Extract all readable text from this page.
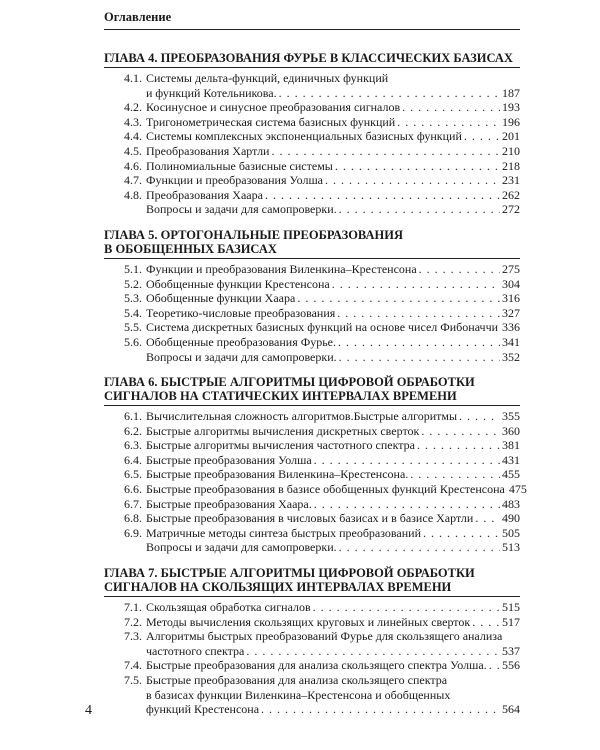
Оглавление
ГЛАВА 4. ПРЕОБРАЗОВАНИЯ ФУРЬЕ В КЛАССИЧЕСКИХ БАЗИСАХ
4.1. Системы дельта-функций, единичных функций
и функций Котельникова. . . .	187
4.2. Косинусное и синусное преобразования сигналов . . .	193
4.3. Тригонометрическая система базисных функций . . .	196
4.4. Системы комплексных экспоненциальных базисных функций . . .	201
4.5. Преобразования Хартли . . .	210
4.6. Полиномиальные базисные системы . . .	218
4.7. Функции и преобразования Уолша . . .	231
4.8. Преобразования Хаара . . .	262
Вопросы и задачи для самопроверки. . . .	272
ГЛАВА 5. ОРТОГОНАЛЬНЫЕ ПРЕОБРАЗОВАНИЯ
В ОБОБЩЕННЫХ БАЗИСАХ
5.1. Функции и преобразования Виленкина–Крестенсона . . .	275
5.2. Обобщенные функции Крестенсона . . .	304
5.3. Обобщенные функции Хаара . . .	316
5.4. Теоретико-числовые преобразования . . .	327
5.5. Система дискретных базисных функций на основе чисел Фибоначчи 336
5.6. Обобщенные преобразования Фурье. . . .	341
Вопросы и задачи для самопроверки. . . .	352
ГЛАВА 6. БЫСТРЫЕ АЛГОРИТМЫ ЦИФРОВОЙ ОБРАБОТКИ
СИГНАЛОВ НА СТАТИЧЕСКИХ ИНТЕРВАЛАХ ВРЕМЕНИ
6.1. Вычислительная сложность алгоритмов.Быстрые алгоритмы . . .	355
6.2. Быстрые алгоритмы вычисления дискретных сверток . . .	360
6.3. Быстрые алгоритмы вычисления частотного спектра . . .	381
6.4. Быстрые преобразования Уолша . . .	431
6.5. Быстрые преобразования Виленкина–Крестенсона. . . .	455
6.6. Быстрые преобразования в базисе обобщенных функций Крестенсона 475
6.7. Быстрые преобразования Хаара. . . .	483
6.8. Быстрые преобразования в числовых базисах и в базисе Хартли . . . 490
6.9. Матричные методы синтеза быстрых преобразований . . .	505
Вопросы и задачи для самопроверки. . . .	513
ГЛАВА 7. БЫСТРЫЕ АЛГОРИТМЫ ЦИФРОВОЙ ОБРАБОТКИ
СИГНАЛОВ НА СКОЛЬЗЯЩИХ ИНТЕРВАЛАХ ВРЕМЕНИ
7.1. Скользящая обработка сигналов . . .	515
7.2. Методы вычисления скользящих круговых и линейных сверток . . .	517
7.3. Алгоритмы быстрых преобразований Фурье для скользящего анализа
частотного спектра . . .	537
7.4. Быстрые преобразования для анализа скользящего спектра Уолша. . . . 556
7.5. Быстрые преобразования для анализа скользящего спектра
в базисах функции Виленкина–Крестенсона и обобщенных
функций Крестенсона . . .	564
4
